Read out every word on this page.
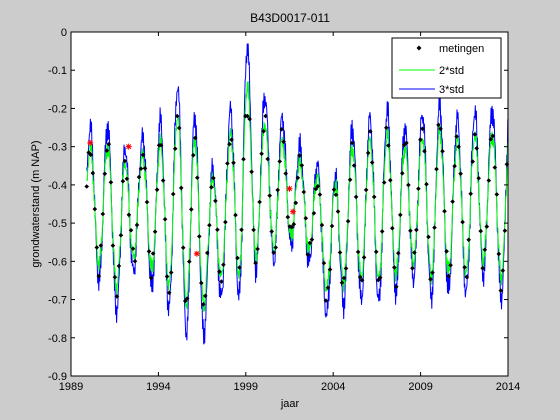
B43D0017-011
1989	1994	1999	2004	2009	2014
0
-0.1
-0.2
-0.3
-0.4
-0.5
-0.6
-0.7
-0.8
-0.9
jaar
grondwaterstand (m NAP)
metingen
2*std
3*std
